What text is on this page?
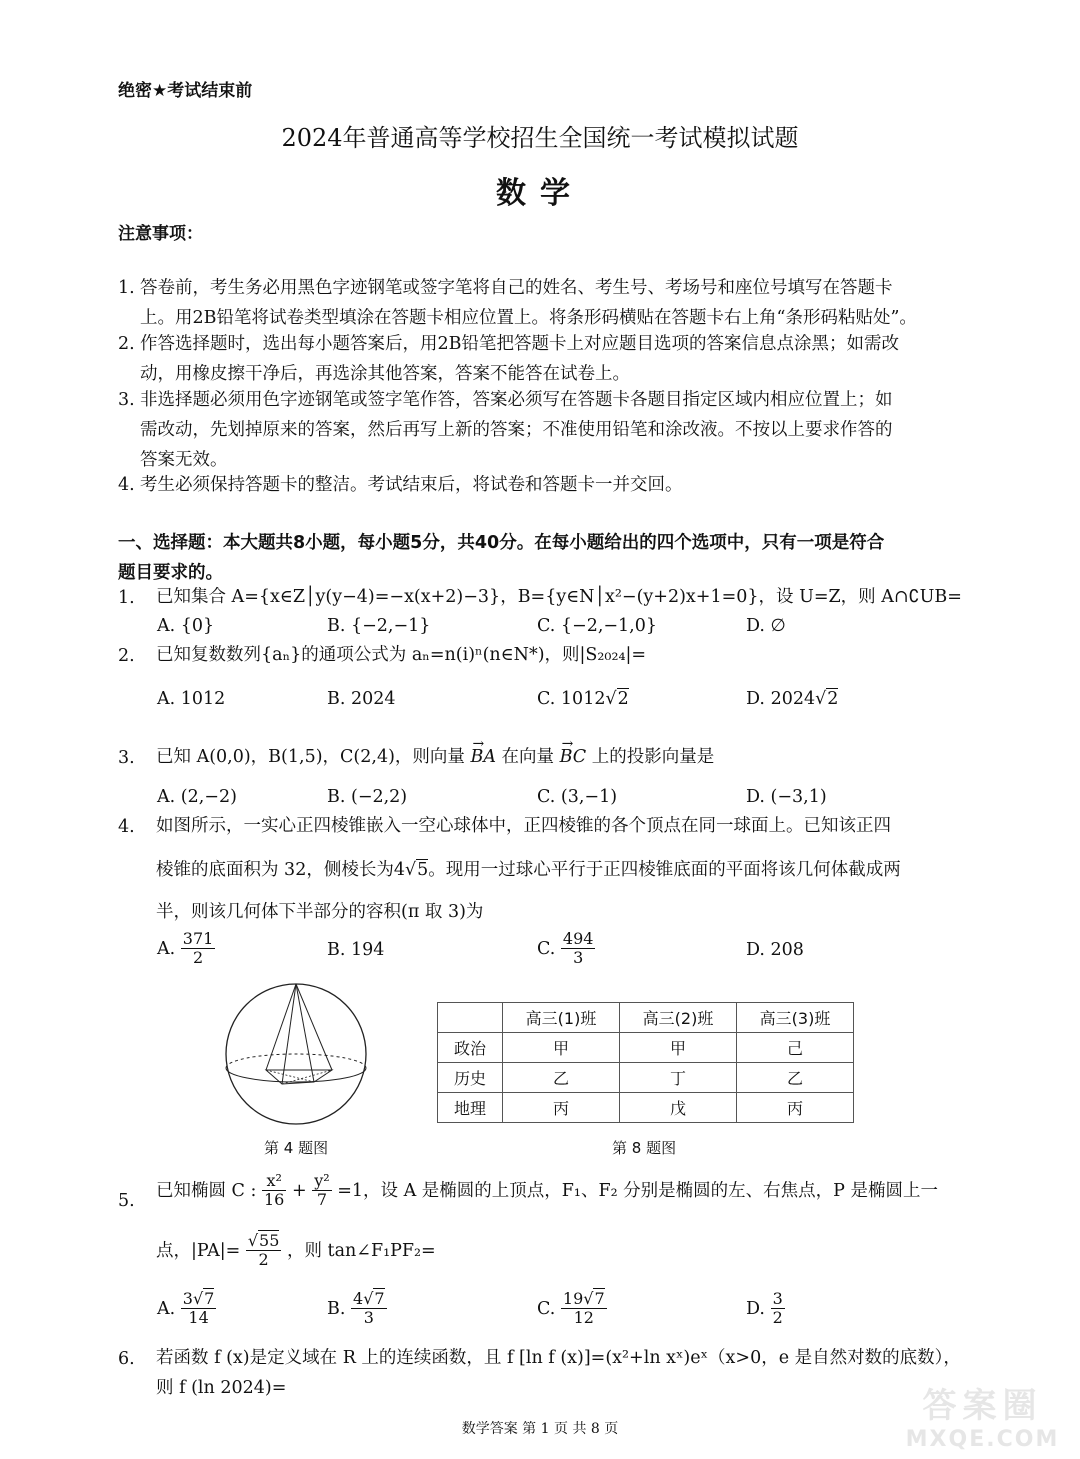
绝密★考试结束前
2024年普通高等学校招生全国统一考试模拟试题
数学
注意事项：
1. 答卷前，考生务必用黑色字迹钢笔或签字笔将自己的姓名、考生号、考场号和座位号填写在答题卡
上。用2B铅笔将试卷类型填涂在答题卡相应位置上。将条形码横贴在答题卡右上角“条形码粘贴处”。
2. 作答选择题时，选出每小题答案后，用2B铅笔把答题卡上对应题目选项的答案信息点涂黑；如需改
动，用橡皮擦干净后，再选涂其他答案，答案不能答在试卷上。
3. 非选择题必须用色字迹钢笔或签字笔作答，答案必须写在答题卡各题目指定区域内相应位置上；如
需改动，先划掉原来的答案，然后再写上新的答案；不准使用铅笔和涂改液。不按以上要求作答的
答案无效。
4. 考生必须保持答题卡的整洁。考试结束后，将试卷和答题卡一并交回。
一、选择题：本大题共8小题，每小题5分，共40分。在每小题给出的四个选项中，只有一项是符合
题目要求的。
1. 已知集合 A={x∈Z│y(y−4)=−x(x+2)−3}，B={y∈N│x²−(y+2)x+1=0}，设 U=Z，则 A∩∁UB=
A. {0}	B. {−2,−1}	C. {−2,−1,0}	D. ∅
2. 已知复数数列{aₙ}的通项公式为 aₙ=n(i)ⁿ(n∈N*)，则|S₂₀₂₄|=
A. 1012	B. 2024	C. 1012√2	D. 2024√2
3. 已知 A(0,0)，B(1,5)，C(2,4)，则向量 → BA 在向量 → BC 上的投影向量是
A. (2,−2)	B. (−2,2)	C. (3,−1)	D. (−3,1)
4. 如图所示，一实心正四棱锥嵌入一空心球体中，正四棱锥的各个顶点在同一球面上。已知该正四
棱锥的底面积为 32，侧棱长为4√5。现用一过球心平行于正四棱锥底面的平面将该几何体截成两
半，则该几何体下半部分的容积(π 取 3)为
A. $\frac{371}{2}$	B. 194	C. $\frac{494}{3}$	D. 208
第 4 题图
	高三(1)班	高三(2)班	高三(3)班
政治	甲	甲	己
历史	乙	丁	乙
地理	丙	戊	丙
第 8 题图
5.
已知椭圆 C : $\frac{\text{x²}}{16} + \frac{\text{y²}}{7} =1$，设 A 是椭圆的上顶点，F₁、F₂ 分别是椭圆的左、右焦点，P 是椭圆上一
点，$|PA|= \frac{√55}{2}$ ，则 tan∠F₁PF₂=
A. $\frac{3√7}{14}$	B. $\frac{4√7}{3}$	C. $\frac{19√7}{12}$	D. $\frac{3}{2}$
6. 若函数 f (x)是定义域在 R 上的连续函数，且 f [ln f (x)]=(x²+ln xˣ)eˣ（x>0，e 是自然对数的底数），
则 f (ln 2024)=
数学答案 第 1 页 共 8 页
答案圈
MXQE.COM
